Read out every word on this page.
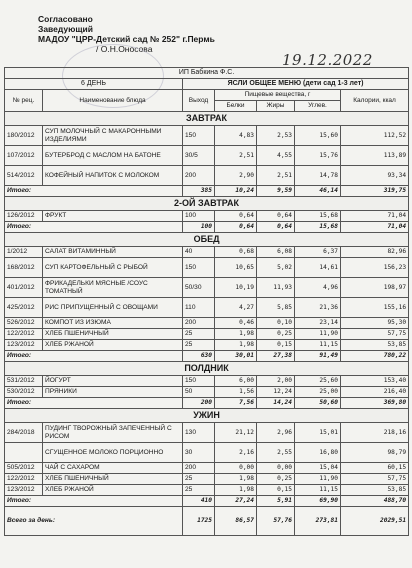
Согласовано
Заведующий
МАДОУ "ЦРР-Детский сад № 252" г.Пермь
/ О.Н.Оносова
19.12.2022
ИП Бабкина Ф.С.						
6 ДЕНЬ		ЯСЛИ ОБЩЕЕ МЕНЮ (дети сад 1-3 лет)				
№ рец.	Наименование блюда	Выход	Пищевые вещества, г			Калории, ккал
			Белки	Жиры	Углев.	
ЗАВТРАК						
180/2012	СУП МОЛОЧНЫЙ С МАКАРОННЫМИ ИЗДЕЛИЯМИ	150	4,83	2,53	15,60	112,52
107/2012	БУТЕРБРОД С МАСЛОМ НА БАТОНЕ	30/5	2,51	4,55	15,76	113,89
514/2012	КОФЕЙНЫЙ НАПИТОК С МОЛОКОМ	200	2,90	2,51	14,78	93,34
Итого:		385	10,24	9,59	46,14	319,75
2-ОЙ ЗАВТРАК						
126/2012	ФРУКТ	100	0,64	0,64	15,68	71,04
Итого:		100	0,64	0,64	15,68	71,04
ОБЕД						
1/2012	САЛАТ ВИТАМИННЫЙ	40	0,68	6,08	6,37	82,96
168/2012	СУП КАРТОФЕЛЬНЫЙ С РЫБОЙ	150	10,65	5,02	14,61	156,23
401/2012	ФРИКАДЕЛЬКИ МЯСНЫЕ /СОУС ТОМАТНЫЙ	50/30	10,19	11,93	4,96	198,97
425/2012	РИС ПРИПУЩЕННЫЙ С ОВОЩАМИ	110	4,27	5,85	21,36	155,16
526/2012	КОМПОТ ИЗ ИЗЮМА	200	0,46	0,10	23,14	95,30
122/2012	ХЛЕБ ПШЕНИЧНЫЙ	25	1,98	0,25	11,90	57,75
123/2012	ХЛЕБ РЖАНОЙ	25	1,98	0,15	11,15	53,85
Итого:		630	30,01	27,38	91,49	780,22
ПОЛДНИК						
531/2012	ЙОГУРТ	150	6,00	2,00	25,60	153,40
530/2012	ПРЯНИКИ	50	1,56	12,24	25,00	216,40
Итого:		200	7,56	14,24	50,60	369,80
УЖИН						
284/2018	ПУДИНГ ТВОРОЖНЫЙ ЗАПЕЧЕННЫЙ С РИСОМ	130	21,12	2,96	15,01	218,16
	СГУЩЕННОЕ МОЛОКО ПОРЦИОННО	30	2,16	2,55	16,80	98,79
505/2012	ЧАЙ С САХАРОМ	200	0,00	0,00	15,04	60,15
122/2012	ХЛЕБ ПШЕНИЧНЫЙ	25	1,98	0,25	11,90	57,75
123/2012	ХЛЕБ РЖАНОЙ	25	1,98	0,15	11,15	53,85
Итого:		410	27,24	5,91	69,90	488,70
Всего за день:		1725	86,57	57,76	273,81	2029,51
